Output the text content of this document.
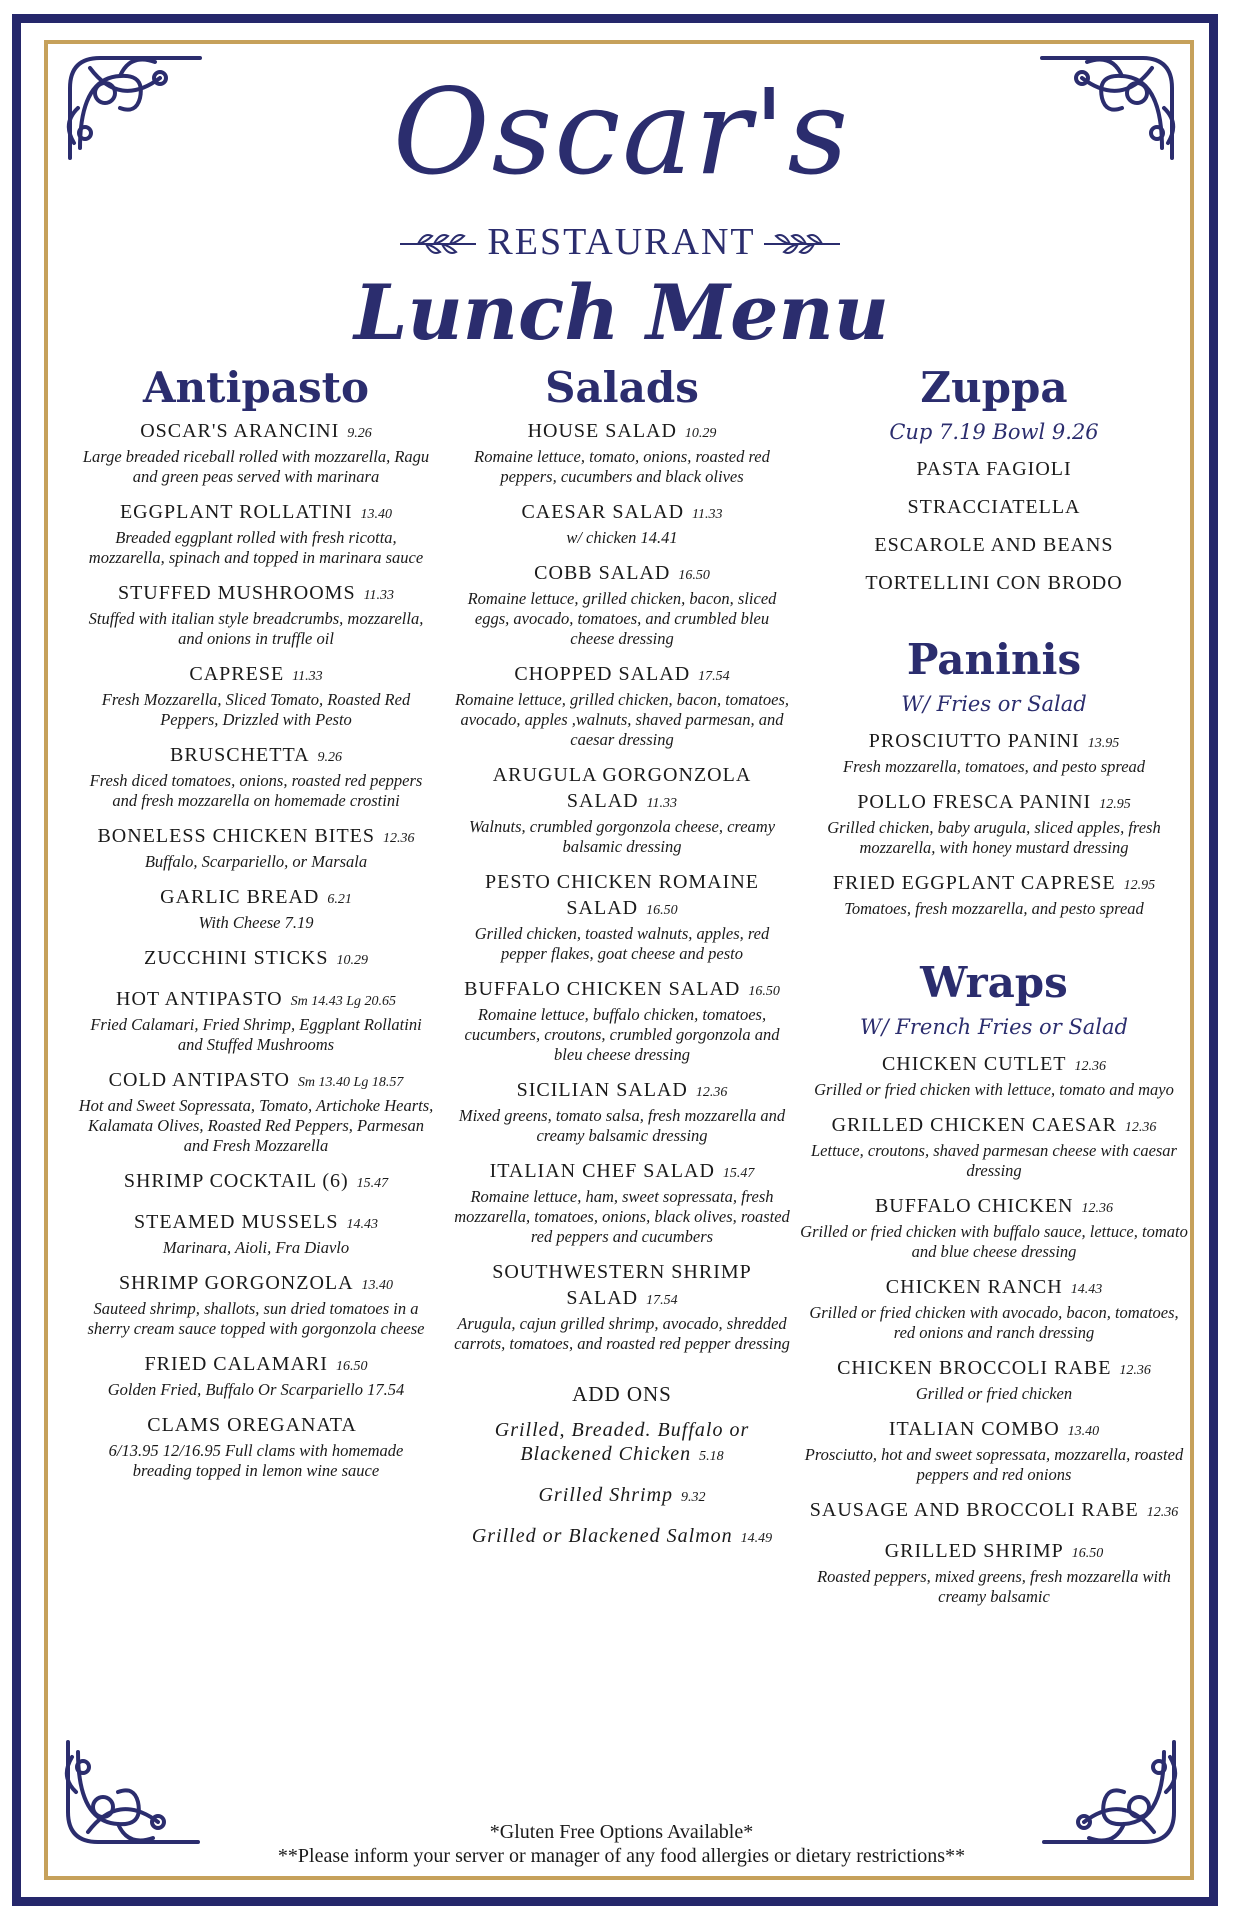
Oscar's
RESTAURANT
Lunch Menu
Antipasto
OSCAR'S ARANCINI 9.26
Large breaded riceball rolled with mozzarella, Ragu and green peas served with marinara
EGGPLANT ROLLATINI 13.40
Breaded eggplant rolled with fresh ricotta, mozzarella, spinach and topped in marinara sauce
STUFFED MUSHROOMS 11.33
Stuffed with italian style breadcrumbs, mozzarella, and onions in truffle oil
CAPRESE 11.33
Fresh Mozzarella, Sliced Tomato, Roasted Red Peppers, Drizzled with Pesto
BRUSCHETTA 9.26
Fresh diced tomatoes, onions, roasted red peppers and fresh mozzarella on homemade crostini
BONELESS CHICKEN BITES 12.36
Buffalo, Scarpariello, or Marsala
GARLIC BREAD 6.21
With Cheese 7.19
ZUCCHINI STICKS 10.29
HOT ANTIPASTO Sm 14.43 Lg 20.65
Fried Calamari, Fried Shrimp, Eggplant Rollatini and Stuffed Mushrooms
COLD ANTIPASTO Sm 13.40 Lg 18.57
Hot and Sweet Sopressata, Tomato, Artichoke Hearts, Kalamata Olives, Roasted Red Peppers, Parmesan and Fresh Mozzarella
SHRIMP COCKTAIL (6) 15.47
STEAMED MUSSELS 14.43
Marinara, Aioli, Fra Diavlo
SHRIMP GORGONZOLA 13.40
Sauteed shrimp, shallots, sun dried tomatoes in a sherry cream sauce topped with gorgonzola cheese
FRIED CALAMARI 16.50
Golden Fried, Buffalo Or Scarpariello 17.54
CLAMS OREGANATA
6/13.95 12/16.95 Full clams with homemade breading topped in lemon wine sauce
Salads
HOUSE SALAD 10.29
Romaine lettuce, tomato, onions, roasted red peppers, cucumbers and black olives
CAESAR SALAD 11.33
w/ chicken 14.41
COBB SALAD 16.50
Romaine lettuce, grilled chicken, bacon, sliced eggs, avocado, tomatoes, and crumbled bleu cheese dressing
CHOPPED SALAD 17.54
Romaine lettuce, grilled chicken, bacon, tomatoes, avocado, apples ,walnuts, shaved parmesan, and caesar dressing
ARUGULA GORGONZOLA SALAD 11.33
Walnuts, crumbled gorgonzola cheese, creamy balsamic dressing
PESTO CHICKEN ROMAINE SALAD 16.50
Grilled chicken, toasted walnuts, apples, red pepper flakes, goat cheese and pesto
BUFFALO CHICKEN SALAD 16.50
Romaine lettuce, buffalo chicken, tomatoes, cucumbers, croutons, crumbled gorgonzola and bleu cheese dressing
SICILIAN SALAD 12.36
Mixed greens, tomato salsa, fresh mozzarella and creamy balsamic dressing
ITALIAN CHEF SALAD 15.47
Romaine lettuce, ham, sweet sopressata, fresh mozzarella, tomatoes, onions, black olives, roasted red peppers and cucumbers
SOUTHWESTERN SHRIMP SALAD 17.54
Arugula, cajun grilled shrimp, avocado, shredded carrots, tomatoes, and roasted red pepper dressing
ADD ONS
Grilled, Breaded. Buffalo or Blackened Chicken 5.18
Grilled Shrimp 9.32
Grilled or Blackened Salmon 14.49
Zuppa
Cup 7.19 Bowl 9.26
PASTA FAGIOLI
STRACCIATELLA
ESCAROLE AND BEANS
TORTELLINI CON BRODO
Paninis
W/ Fries or Salad
PROSCIUTTO PANINI 13.95
Fresh mozzarella, tomatoes, and pesto spread
POLLO FRESCA PANINI 12.95
Grilled chicken, baby arugula, sliced apples, fresh mozzarella, with honey mustard dressing
FRIED EGGPLANT CAPRESE 12.95
Tomatoes, fresh mozzarella, and pesto spread
Wraps
W/ French Fries or Salad
CHICKEN CUTLET 12.36
Grilled or fried chicken with lettuce, tomato and mayo
GRILLED CHICKEN CAESAR 12.36
Lettuce, croutons, shaved parmesan cheese with caesar dressing
BUFFALO CHICKEN 12.36
Grilled or fried chicken with buffalo sauce, lettuce, tomato and blue cheese dressing
CHICKEN RANCH 14.43
Grilled or fried chicken with avocado, bacon, tomatoes, red onions and ranch dressing
CHICKEN BROCCOLI RABE 12.36
Grilled or fried chicken
ITALIAN COMBO 13.40
Prosciutto, hot and sweet sopressata, mozzarella, roasted peppers and red onions
SAUSAGE AND BROCCOLI RABE 12.36
GRILLED SHRIMP 16.50
Roasted peppers, mixed greens, fresh mozzarella with creamy balsamic
*Gluten Free Options Available*
**Please inform your server or manager of any food allergies or dietary restrictions**
